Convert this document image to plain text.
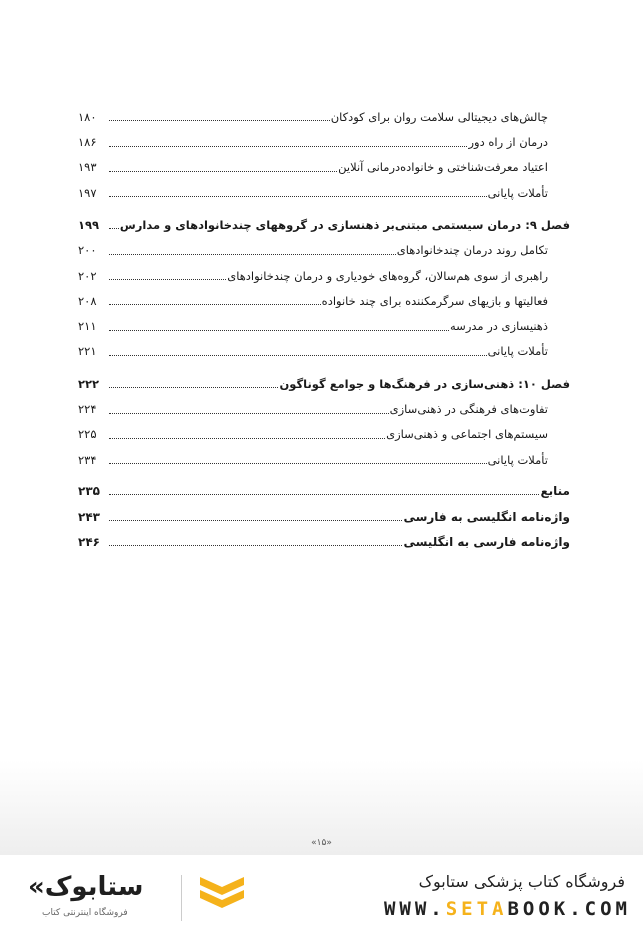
چالش‌های دیجیتالی سلامت روان برای کودکان
۱۸۰
درمان از راه دور
۱۸۶
اعتیاد معرفت‌شناختی و خانواده‌درمانی آنلاین
۱۹۳
تأملات پایانی
۱۹۷
فصل ۹: درمان سیستمی مبتنی‌بر ذهنسازی در گروههای چندخانوادهای و مدارس
۱۹۹
تکامل روند درمان چندخانوادهای
۲۰۰
راهبری از سوی هم‌سالان، گروه‌های خودیاری و درمان چندخانوادهای
۲۰۲
فعالیتها و بازیهای سرگرمکننده برای چند خانواده
۲۰۸
ذهنیسازی در مدرسه
۲۱۱
تأملات پایانی
۲۲۱
فصل ۱۰: ذهنی‌سازی در فرهنگ‌ها و جوامع گوناگون
۲۲۲
تفاوت‌های فرهنگی در ذهنی‌سازی
۲۲۴
سیستم‌های اجتماعی و ذهنی‌سازی
۲۲۵
تأملات پایانی
۲۳۴
منابع
۲۳۵
واژه‌نامه انگلیسی به فارسی
۲۴۳
واژه‌نامه فارسی به انگلیسی
۲۴۶
«۱۵»
«ستابوک
فروشگاه اینترنتی کتاب
فروشگاه کتاب پزشکی ستابوک
WWW.SETABOOK.COM
